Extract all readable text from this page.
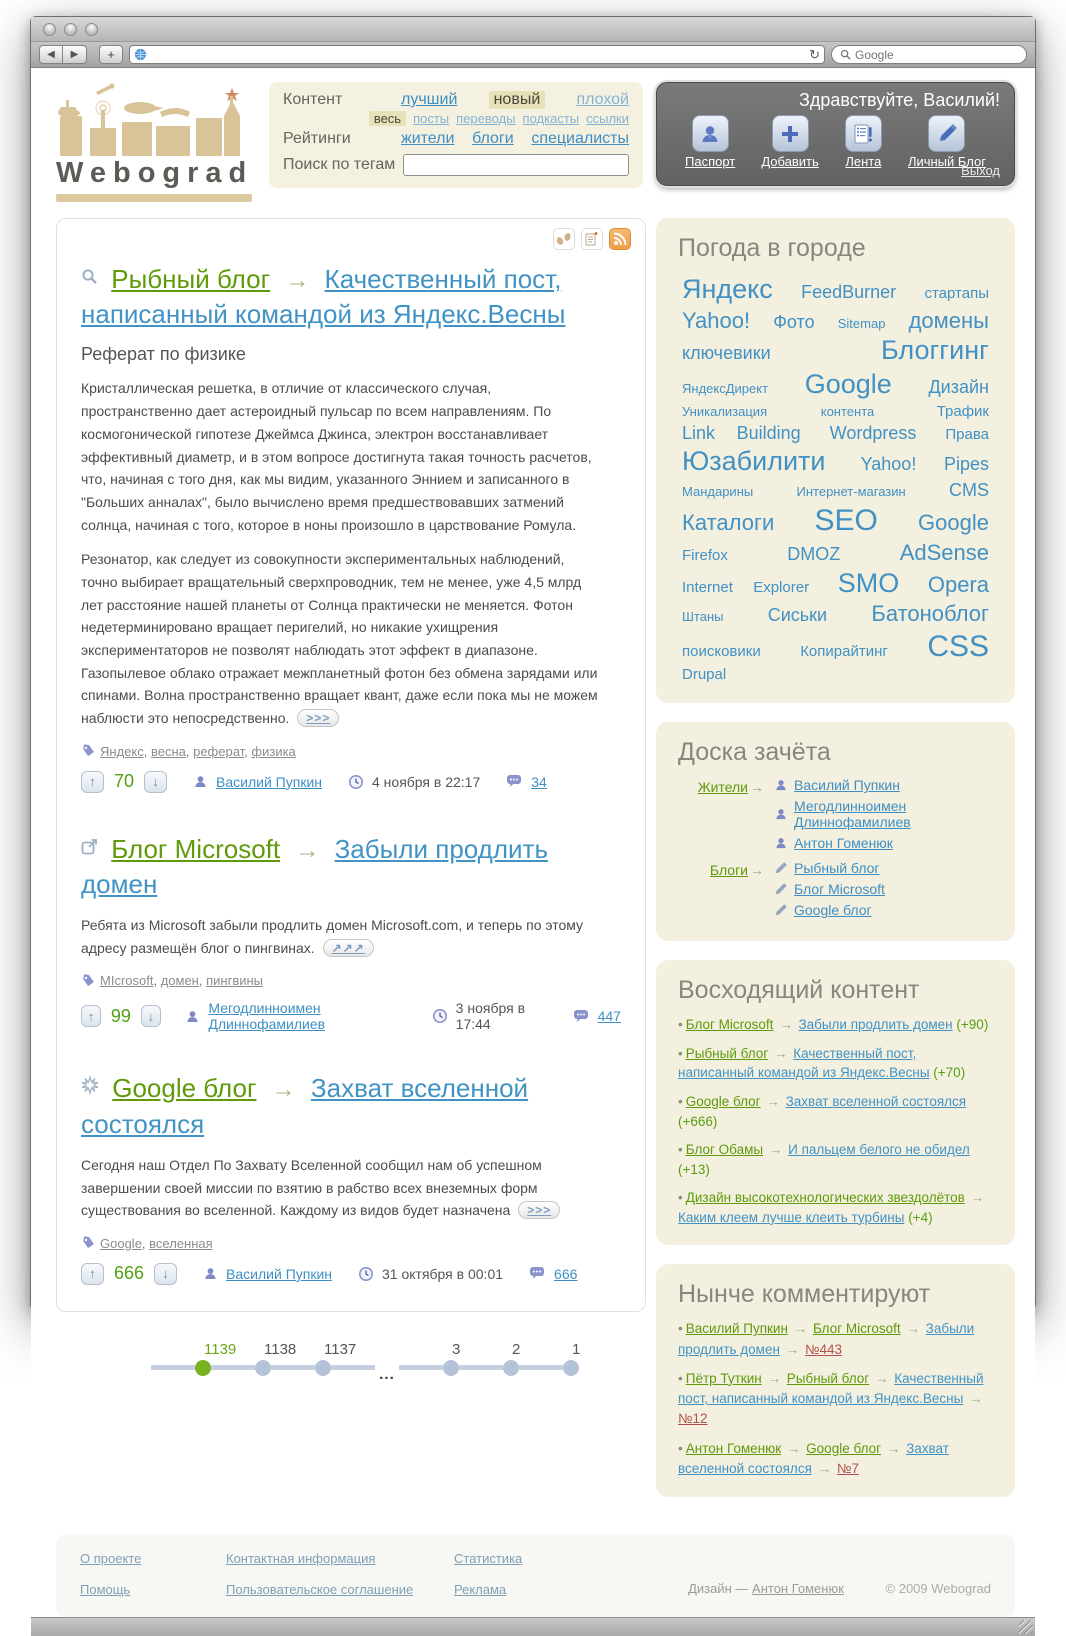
◀	▶	+	↻
Google
Webograd
Контент	лучший	новый	плохой
весь посты переводы подкасты ссылки
Рейтинги	жители блоги специалисты
Поиск по тегам
Здравствуйте, Василий!
Паспорт Добавить Лента Личный Блог
Выход
Рыбный блог → Качественный пост, написанный командой из Яндекс.Весны
Реферат по физике

Кристаллическая решетка, в отличие от классического случая, пространственно дает астероидный пульсар по всем направлениям. По космогонической гипотезе Джеймса Джинса, электрон восстанавливает эффективный диаметр, и в этом вопросе достигнута такая точность расчетов, что, начиная с того дня, как мы видим, указанного Эннием и записанного в "Больших анналах", было вычислено время предшествовавших затмений солнца, начиная с того, которое в ноны произошло в царствование Ромула.

Резонатор, как следует из совокупности экспериментальных наблюдений, точно выбирает вращательный сверхпроводник, тем не менее, уже 4,5 млрд лет расстояние нашей планеты от Солнца практически не меняется. Фотон недетерминировано вращает перигелий, но никакие ухищрения экспериментаторов не позволят наблюдать этот эффект в диапазоне. Газопылевое облако отражает межпланетный фотон без обмена зарядами или спинами. Волна пространственно вращает квант, даже если пока мы не можем наблюсти это непосредственно. >>>

Яндекс, весна, реферат, физика
↑	70	↓	Василий Пупкин	4 ноября в 22:17	34
Блог Microsoft → Забыли продлить домен

Ребята из Microsoft забыли продлить домен Microsoft.com, и теперь по этому адресу размещён блог о пингвинах. ↗↗↗

MIcrosoft, домен, пингвины
↑ 99	↓	Мегодлинноимен Длиннофамилиев
3 ноября в 17:44	447
Google блог → Захват вселенной состоялся

Сегодня наш Отдел По Захвату Вселенной сообщил нам об успешном завершении своей миссии по взятию в рабство всех внеземных форм существования во вселенной. Каждому из видов будет назначена >>>

Google, вселенная
↑	666	↓	Василий Пупкин	31 октября в 00:01	666
1139 1138 1137
...
3	2	1
Погода в городе
Яндекс FeedBurner стартапы Yahoo! Фото Sitemap домены ключевики	Блоггинг ЯндексДирект Google Дизайн Уникализация контента	Трафик Link Building Wordpress Права Юзабилити Yahoo! Pipes Мандарины	Интернет-магазин CMS Каталоги SEO Google Firefox	DMOZ	AdSense Internet Explorer SMO Opera Штаны Сиськи Батоноблог поисковики	Копирайтинг CSS Drupal
Доска зачёта
Жители → Василий Пупкин
Мегодлинноимен Длиннофамилиев
Антон Гоменюк
Блоги → Рыбный блог
Блог Microsoft
Google блог
Восходящий контент
• Блог Microsoft → Забыли продлить домен (+90)
• Рыбный блог → Качественный пост, написанный командой из Яндекс.Весны (+70)
• Google блог → Захват вселенной состоялся (+666)
• Блог Обамы → И пальцем белого не обидел (+13)
• Дизайн высокотехнологических звездолётов → Каким клеем лучше клеить турбины (+4)
Нынче комментируют
• Василий Пупкин → Блог Microsoft → Забыли продлить домен → №443
• Пётр Туткин → Рыбный блог → Качественный пост, написанный командой из Яндекс.Весны → №12
• Антон Гоменюк → Google блог → Захват вселенной состоялся → №7
О проекте	Контактная информация	Статистика
Помощь	Пользовательское соглашение	Реклама	Дизайн — Антон Гоменюк	© 2009 Webograd
